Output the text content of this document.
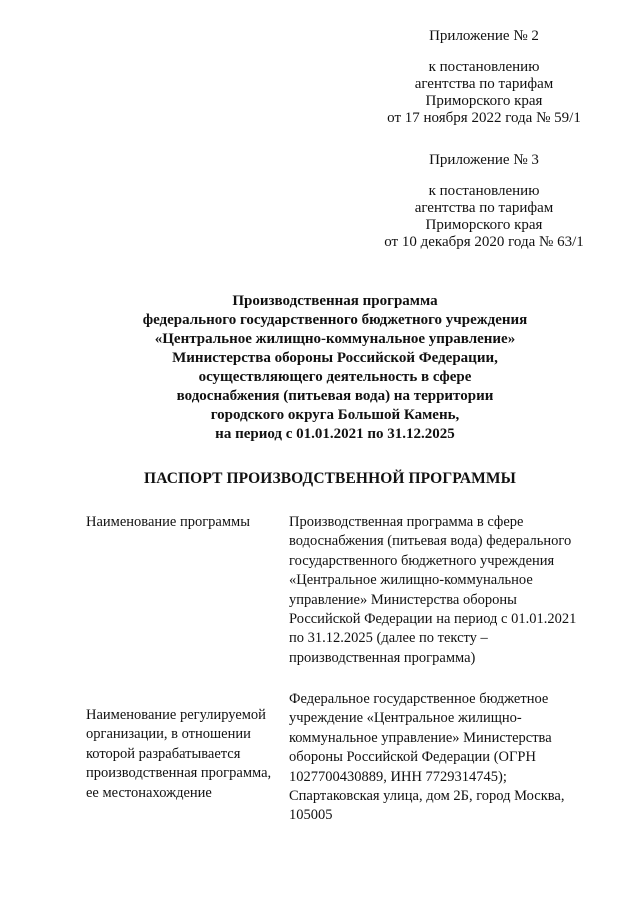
Приложение № 2
к постановлению
агентства по тарифам
Приморского края
от 17 ноября 2022 года № 59/1
Приложение № 3
к постановлению
агентства по тарифам
Приморского края
от 10 декабря 2020 года № 63/1
Производственная программа
федерального государственного бюджетного учреждения
«Центральное жилищно-коммунальное управление»
Министерства обороны Российской Федерации,
осуществляющего деятельность в сфере
водоснабжения (питьевая вода) на территории
городского округа Большой Камень,
на период с 01.01.2021 по 31.12.2025
ПАСПОРТ ПРОИЗВОДСТВЕННОЙ ПРОГРАММЫ
Наименование программы	Производственная программа в сфере
водоснабжения (питьевая вода) федерального
государственного бюджетного учреждения
«Центральное жилищно-коммунальное
управление» Министерства обороны
Российской Федерации на период с 01.01.2021
по 31.12.2025 (далее по тексту –
производственная программа)
Наименование регулируемой
организации, в отношении
которой разрабатывается
производственная программа,
ее местонахождение
Федеральное государственное бюджетное
учреждение «Центральное жилищно-
коммунальное управление» Министерства
обороны Российской Федерации (ОГРН
1027700430889, ИНН 7729314745);
Спартаковская улица, дом 2Б, город Москва,
105005
